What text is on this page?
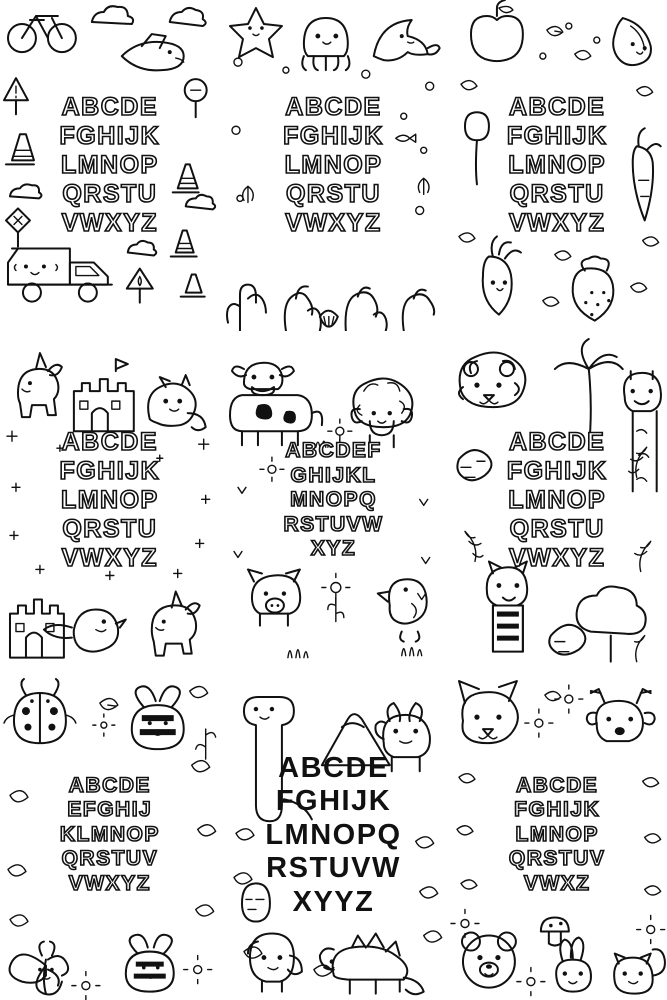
ABCDE
FGHIJK
LMNOP
QRSTU
VWXYZ
ABCDE
FGHIJK
LMNOP
QRSTU
VWXYZ
ABCDE
FGHIJK
LMNOP
QRSTU
VWXYZ
ABCDE
FGHIJK
LMNOP
QRSTU
VWXYZ
ABCDEF
GHIJKL
MNOPQ
RSTUVW
XYZ
ABCDE
FGHIJK
LMNOP
QRSTU
VWXYZ
ABCDE
EFGHIJ
KLMNOP
QRSTUV
VWXYZ
ABCDE
FGHIJK
LMNOPQ
RSTUVW
XYYZ
ABCDE
FGHIJK
LMNOP
QRSTUV
VWXZ
